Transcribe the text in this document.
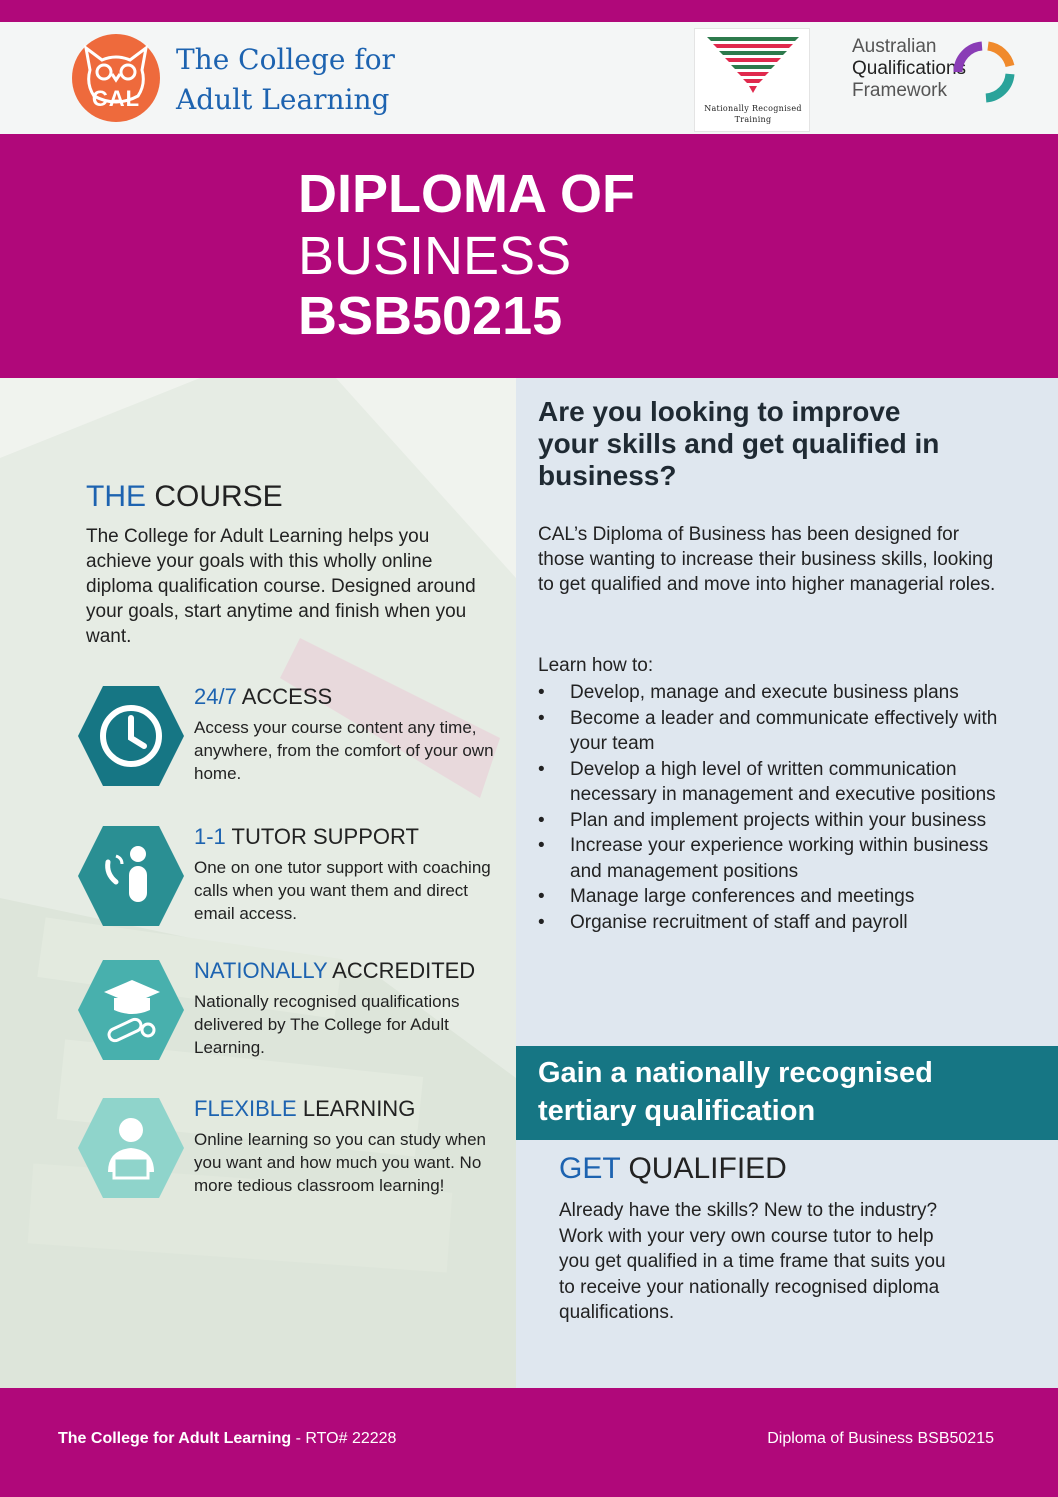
CAL
The College for Adult Learning	Nationally Recognised Training
Australian
Qualifications
Framework
DIPLOMA OF
BUSINESS
BSB50215
THE COURSE
The College for Adult Learning helps you achieve your goals with this wholly online diploma qualification course. Designed around your goals, start anytime and finish when you want.
24/7 ACCESS
Access your course content any time, anywhere, from the comfort of your own home.
1-1 TUTOR SUPPORT
One on one tutor support with coaching calls when you want them and direct email access.
NATIONALLY ACCREDITED
Nationally recognised qualifications delivered by The College for Adult Learning.
FLEXIBLE LEARNING
Online learning so you can study when you want and how much you want. No more tedious classroom learning!
Are you looking to improve your skills and get qualified in business?
CAL’s Diploma of Business has been designed for those wanting to increase their business skills, looking to get qualified and move into higher managerial roles.
Learn how to:
• Develop, manage and execute business plans
• Become a leader and communicate effectively with your team
• Develop a high level of written communication necessary in management and executive positions
• Plan and implement projects within your business
• Increase your experience working within business and management positions
• Manage large conferences and meetings
• Organise recruitment of staff and payroll
Gain a nationally recognised tertiary qualification
GET QUALIFIED
Already have the skills? New to the industry? Work with your very own course tutor to help you get qualified in a time frame that suits you to receive your nationally recognised diploma qualifications.
The College for Adult Learning - RTO# 22228	Diploma of Business BSB50215
